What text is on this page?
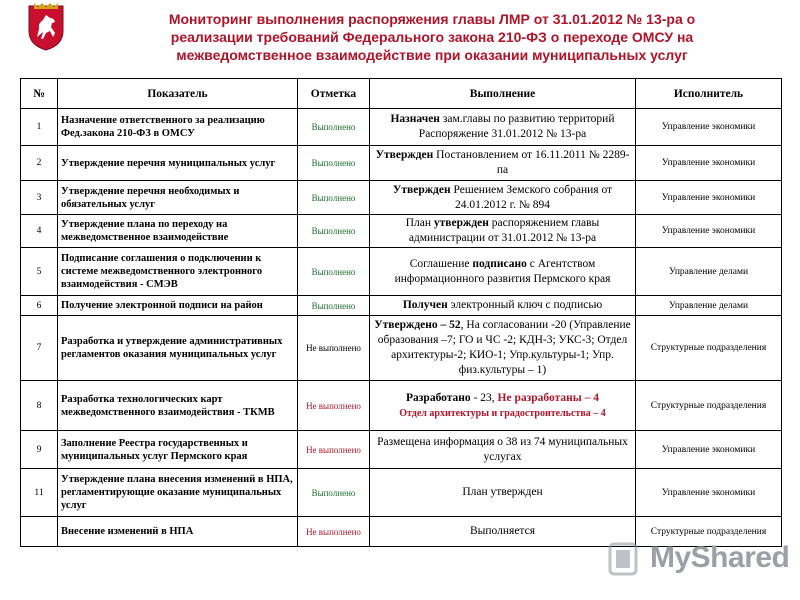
Мониторинг выполнения распоряжения главы ЛМР от 31.01.2012 № 13-ра о
реализации требований Федерального закона 210-ФЗ о переходе ОМСУ на
межведомственное взаимодействие при оказании муниципальных услуг
№	Показатель	Отметка	Выполнение	Исполнитель
1	Назначение ответственного за реализацию Фед.закона 210-ФЗ в ОМСУ	Выполнено	Назначен зам.главы по развитию территорий Распоряжение 31.01.2012 № 13-ра	Управление экономики
2	Утверждение перечня муниципальных услуг	Выполнено	Утвержден Постановлением от 16.11.2011 № 2289-па	Управление экономики
3	Утверждение перечня необходимых и обязательных услуг	Выполнено	Утвержден Решением Земского собрания от 24.01.2012 г. № 894	Управление экономики
4	Утверждение плана по переходу на межведомственное взаимодействие	Выполнено	План утвержден распоряжением главы администрации от 31.01.2012 № 13-ра	Управление экономики
5	Подписание соглашения о подключении к системе межведомственного электронного взаимодействия - СМЭВ	Выполнено	Соглашение подписано с Агентством информационного развития Пермского края	Управление делами
6	Получение электронной подписи на район	Выполнено	Получен электронный ключ с подписью	Управление делами
7	Разработка и утверждение административных регламентов оказания муниципальных услуг	Не выполнено	Утверждено – 52, На согласовании -20 (Управление образования –7; ГО и ЧС -2; КДН-3; УКС-3; Отдел архитектуры-2; КИО-1; Упр.культуры-1; Упр. физ.культуры – 1)	Структурные подразделения
8	Разработка технологических карт межведомственного взаимодействия - ТКМВ	Не выполнено	Разработано - 23, Не разработаны – 4
Отдел архитектуры и градостроительства – 4	Структурные подразделения
9	Заполнение Реестра государственных и муниципальных услуг Пермского края	Не выполнено	Размещена информация о 38 из 74 муниципальных услугах	Управление экономики
11	Утверждение плана внесения изменений в НПА, регламентирующие оказание муниципальных услуг	Выполнено	План утвержден	Управление экономики
	Внесение изменений в НПА	Не выполнено	Выполняется	Структурные подразделения
MyShared
